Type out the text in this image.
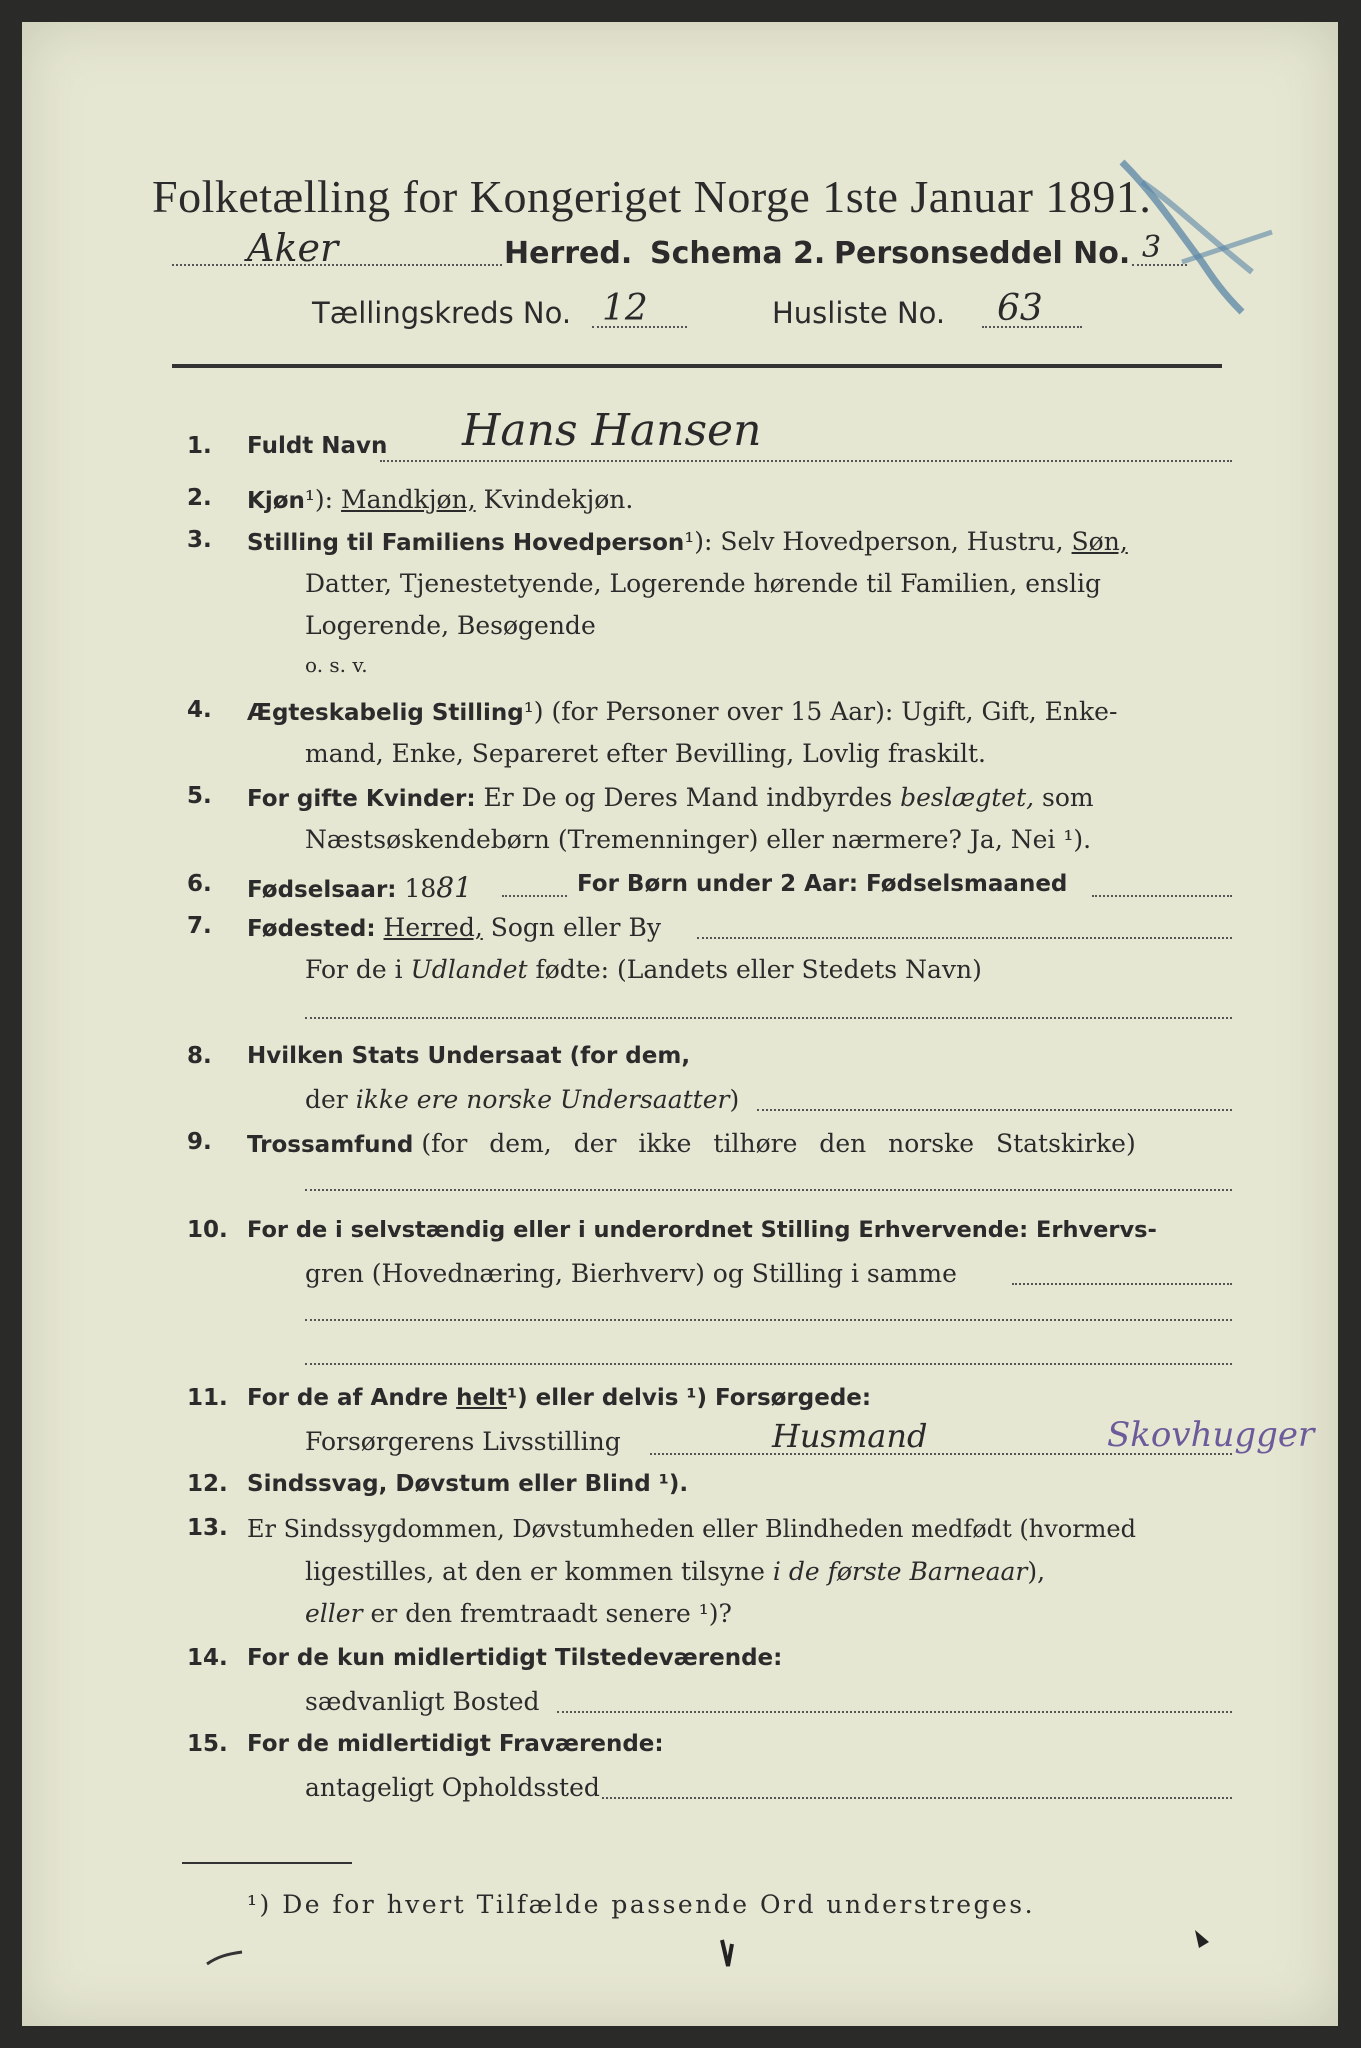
Folketælling for Kongeriget Norge 1ste Januar 1891.
Aker	Herred. Schema 2. Personseddel No. 3
Tællingskreds No. 12	Husliste No. 63
1.	Fuldt Navn Hans Hansen
2.	Kjøn¹): Mandkjøn, Kvindekjøn.
3.	Stilling til Familiens Hovedperson¹): Selv Hovedperson, Hustru, Søn,
Datter, Tjenestetyende, Logerende hørende til Familien, enslig
Logerende, Besøgende
o. s. v.
4.	Ægteskabelig Stilling¹) (for Personer over 15 Aar): Ugift, Gift, Enke-
mand, Enke, Separeret efter Bevilling, Lovlig fraskilt.
5.	For gifte Kvinder: Er De og Deres Mand indbyrdes beslægtet, som
Næstsøskendebørn (Tremenninger) eller nærmere? Ja, Nei ¹).
6.	Fødselsaar: 1881	For Børn under 2 Aar: Fødselsmaaned
7.	Fødested: Herred, Sogn eller By
For de i Udlandet fødte: (Landets eller Stedets Navn)
8.	Hvilken Stats Undersaat (for dem,
der ikke ere norske Undersaatter)
9.	Trossamfund (for dem, der ikke tilhøre den norske Statskirke)
10. For de i selvstændig eller i underordnet Stilling Erhvervende: Erhvervs-
gren (Hovednæring, Bierhverv) og Stilling i samme
11. For de af Andre helt¹) eller delvis ¹) Forsørgede:
Forsørgerens Livsstilling	Husmand	Skovhugger
12. Sindssvag, Døvstum eller Blind ¹).
13. Er Sindssygdommen, Døvstumheden eller Blindheden medfødt (hvormed
ligestilles, at den er kommen tilsyne i de første Barneaar),
eller er den fremtraadt senere ¹)?
14. For de kun midlertidigt Tilstedeværende:
sædvanligt Bosted
15. For de midlertidigt Fraværende:
antageligt Opholdssted
¹) De for hvert Tilfælde passende Ord understreges.
